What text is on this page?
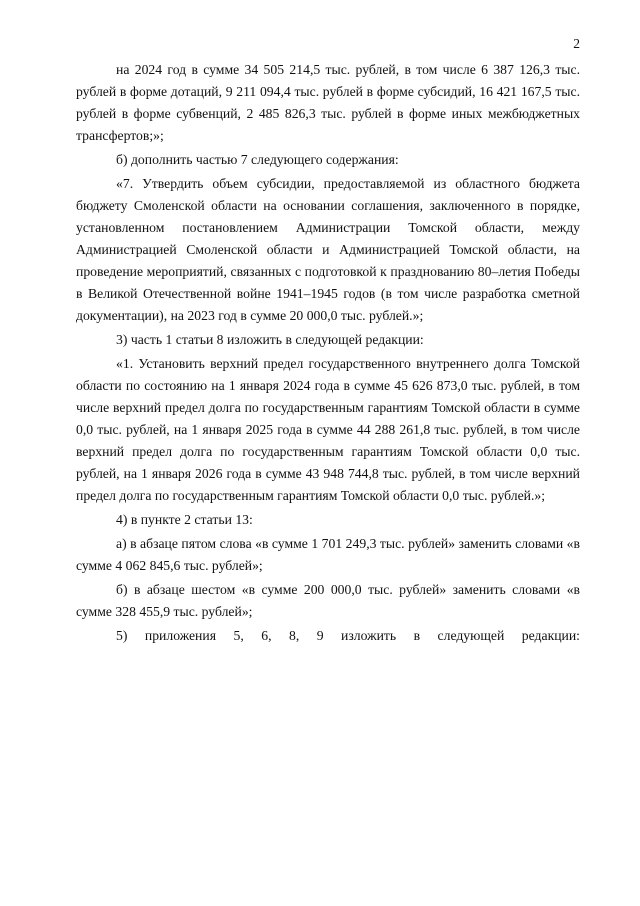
2

на 2024 год в сумме 34 505 214,5 тыс. рублей, в том числе 6 387 126,3 тыс. рублей в форме дотаций, 9 211 094,4 тыс. рублей в форме субсидий, 16 421 167,5 тыс. рублей в форме субвенций, 2 485 826,3 тыс. рублей в форме иных межбюджетных трансфертов;»;

б) дополнить частью 7 следующего содержания:

«7. Утвердить объем субсидии, предоставляемой из областного бюджета бюджету Смоленской области на основании соглашения, заключенного в порядке, установленном постановлением Администрации Томской области, между Администрацией Смоленской области и Администрацией Томской области, на проведение мероприятий, связанных с подготовкой к празднованию 80–летия Победы в Великой Отечественной войне 1941–1945 годов (в том числе разработка сметной документации), на 2023 год в сумме 20 000,0 тыс. рублей.»;

3) часть 1 статьи 8 изложить в следующей редакции:

«1. Установить верхний предел государственного внутреннего долга Томской области по состоянию на 1 января 2024 года в сумме 45 626 873,0 тыс. рублей, в том числе верхний предел долга по государственным гарантиям Томской области в сумме 0,0 тыс. рублей, на 1 января 2025 года в сумме 44 288 261,8 тыс. рублей, в том числе верхний предел долга по государственным гарантиям Томской области 0,0 тыс. рублей, на 1 января 2026 года в сумме 43 948 744,8 тыс. рублей, в том числе верхний предел долга по государственным гарантиям Томской области 0,0 тыс. рублей.»;

4) в пункте 2 статьи 13:

а) в абзаце пятом слова «в сумме 1 701 249,3 тыс. рублей» заменить словами «в сумме 4 062 845,6 тыс. рублей»;

б) в абзаце шестом «в сумме 200 000,0 тыс. рублей» заменить словами «в сумме 328 455,9 тыс. рублей»;

5) приложения 5, 6, 8, 9 изложить в следующей редакции:
